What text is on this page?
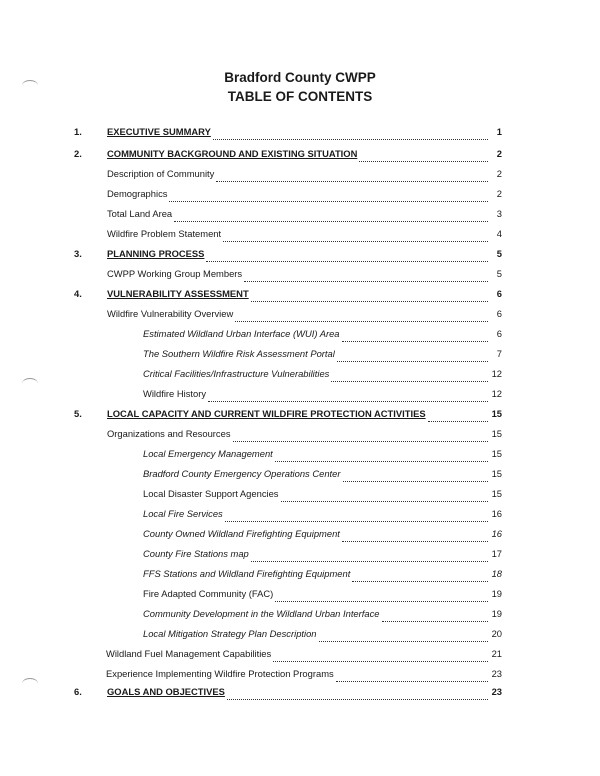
Bradford County CWPP
TABLE OF CONTENTS
1.	EXECUTIVE SUMMARY	1
2.	COMMUNITY BACKGROUND AND EXISTING SITUATION	2
Description of Community	2
Demographics	2
Total Land Area	3
Wildfire Problem Statement	4
3.	PLANNING PROCESS	5
CWPP Working Group Members	5
4.	VULNERABILITY ASSESSMENT	6
Wildfire Vulnerability Overview	6
Estimated Wildland Urban Interface (WUI) Area	6
The Southern Wildfire Risk Assessment Portal	7
Critical Facilities/Infrastructure Vulnerabilities	12
Wildfire History	12
5.	LOCAL CAPACITY AND CURRENT WILDFIRE PROTECTION ACTIVITIES	15
Organizations and Resources	15
Local Emergency Management	15
Bradford County Emergency Operations Center	15
Local Disaster Support Agencies	15
Local Fire Services	16
County Owned Wildland Firefighting Equipment	16
County Fire Stations map	17
FFS Stations and Wildland Firefighting Equipment	18
Fire Adapted Community (FAC)	19
Community Development in the Wildland Urban Interface	19
Local Mitigation Strategy Plan Description	20
Wildland Fuel Management Capabilities	21
Experience Implementing Wildfire Protection Programs	23
6.	GOALS AND OBJECTIVES	23
